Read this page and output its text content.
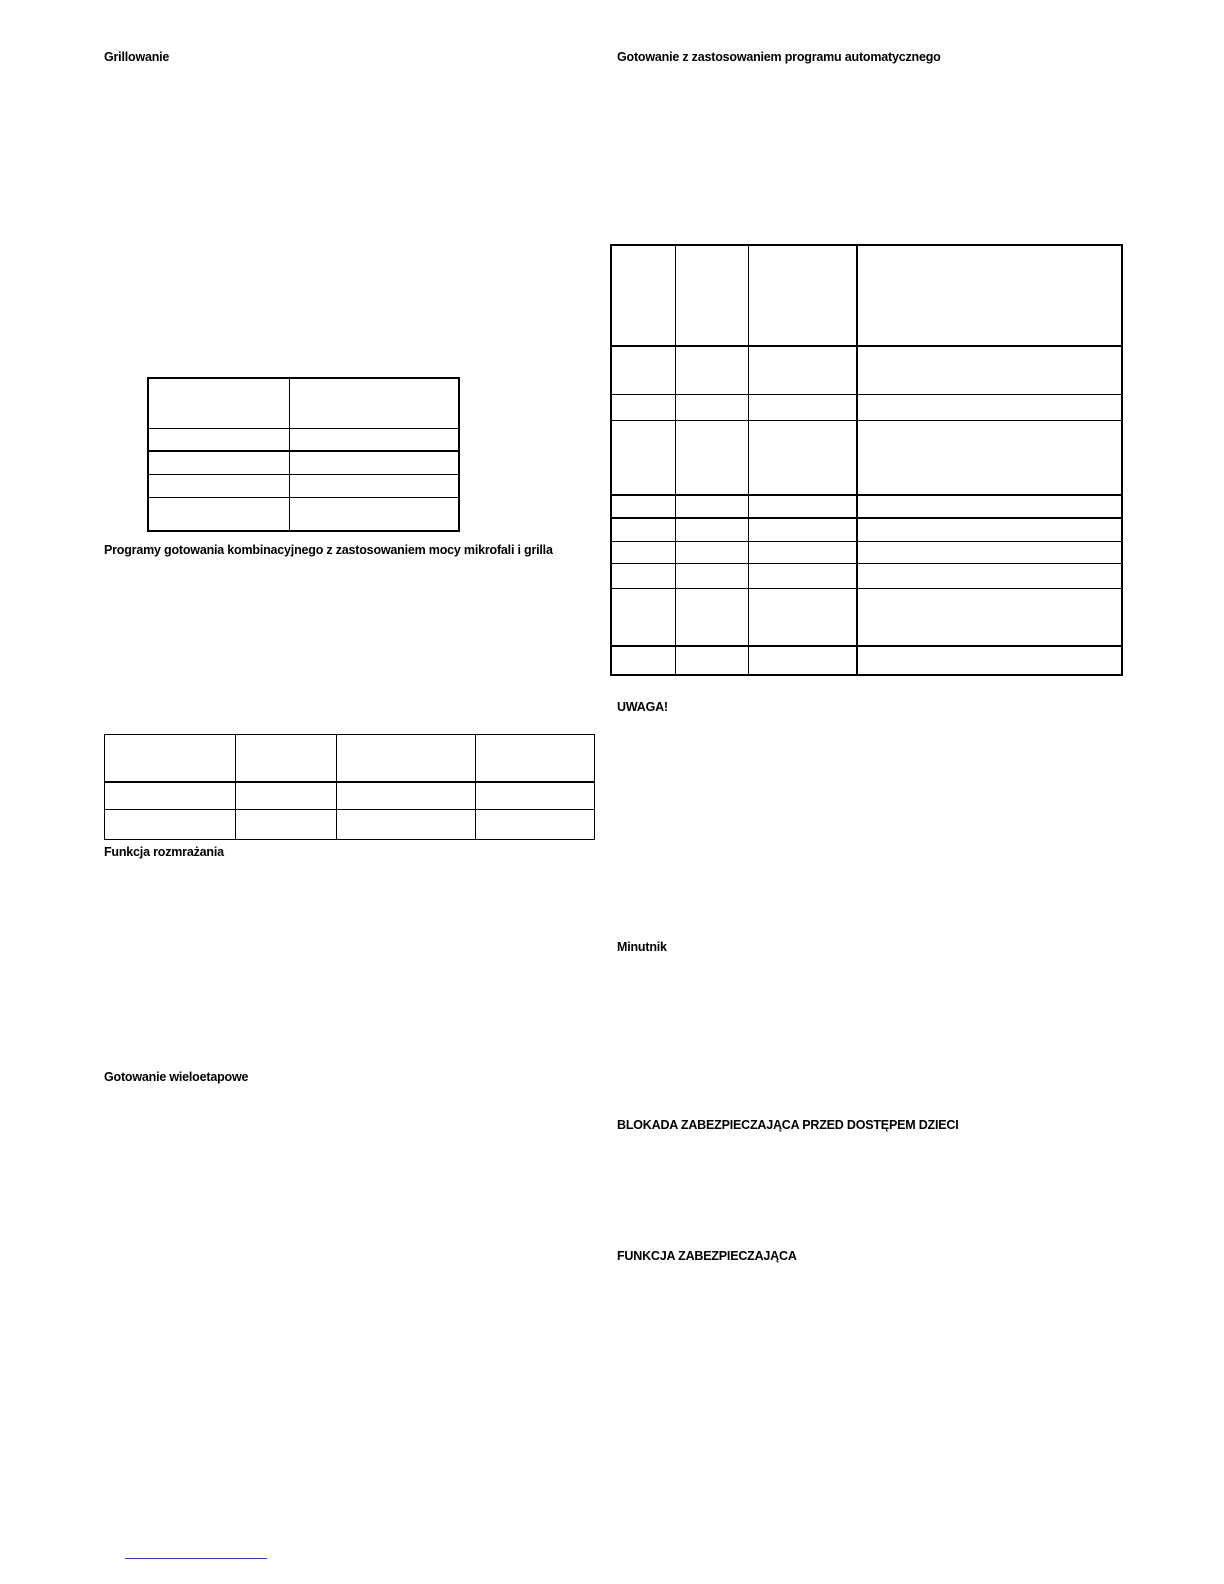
Grillowanie

Programy gotowania kombinacyjnego z zastosowaniem mocy mikrofali i grilla

Funkcja rozmrażania
Gotowanie wieloetapowe
Gotowanie z zastosowaniem programu automatycznego

UWAGA!
Minutnik
BLOKADA ZABEZPIECZAJĄCA PRZED DOSTĘPEM DZIECI
FUNKCJA ZABEZPIECZAJĄCA
